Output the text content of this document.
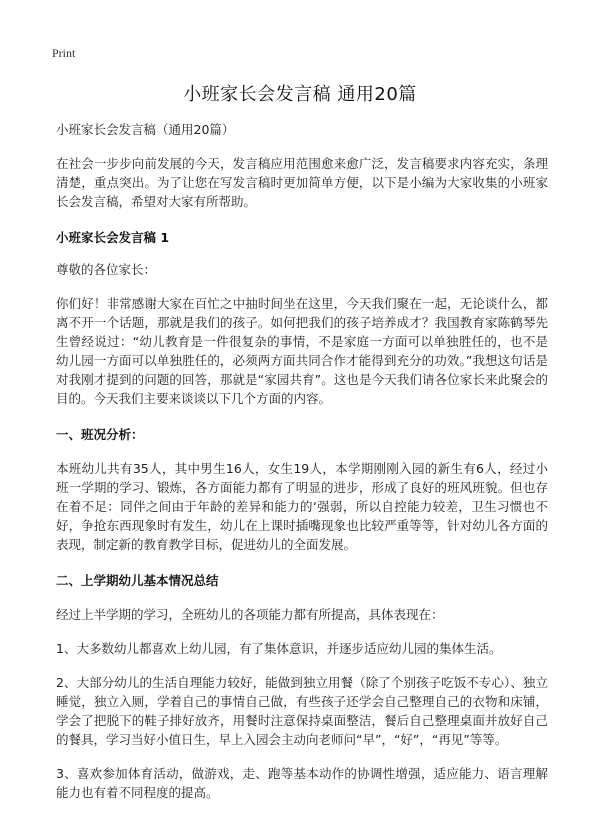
Print
小班家长会发言稿 通用20篇

小班家长会发言稿（通用20篇）

在社会一步步向前发展的今天，发言稿应用范围愈来愈广泛，发言稿要求内容充实，条理清楚，重点突出。为了让您在写发言稿时更加简单方便，以下是小编为大家收集的小班家长会发言稿，希望对大家有所帮助。

小班家长会发言稿 1

尊敬的各位家长：

你们好！非常感谢大家在百忙之中抽时间坐在这里，今天我们聚在一起，无论谈什么，都离不开一个话题，那就是我们的孩子。如何把我们的孩子培养成才？我国教育家陈鹤琴先生曾经说过：“幼儿教育是一件很复杂的事情，不是家庭一方面可以单独胜任的，也不是幼儿园一方面可以单独胜任的，必须两方面共同合作才能得到充分的功效。”我想这句话是对我刚才提到的问题的回答，那就是“家园共育”。这也是今天我们请各位家长来此聚会的目的。今天我们主要来谈谈以下几个方面的内容。

一、班况分析：

本班幼儿共有35人，其中男生16人，女生19人，本学期刚刚入园的新生有6人，经过小班一学期的学习、锻炼，各方面能力都有了明显的进步，形成了良好的班风班貌。但也存在着不足：同伴之间由于年龄的差异和能力的‘强弱，所以自控能力较差，卫生习惯也不好，争抢东西现象时有发生，幼儿在上课时插嘴现象也比较严重等等，针对幼儿各方面的表现，制定新的教育教学目标，促进幼儿的全面发展。

二、上学期幼儿基本情况总结

经过上半学期的学习，全班幼儿的各项能力都有所提高，具体表现在：

1、大多数幼儿都喜欢上幼儿园，有了集体意识，并逐步适应幼儿园的集体生活。

2、大部分幼儿的生活自理能力较好，能做到独立用餐（除了个别孩子吃饭不专心）、独立睡觉，独立入厕，学着自己的事情自己做，有些孩子还学会自己整理自己的衣物和床铺，学会了把脱下的鞋子排好放齐，用餐时注意保持桌面整洁，餐后自己整理桌面并放好自己的餐具，学习当好小值日生，早上入园会主动向老师问“早”，“好”，“再见”等等。

3、喜欢参加体育活动，做游戏，走、跑等基本动作的协调性增强，适应能力、语言理解能力也有着不同程度的提高。
